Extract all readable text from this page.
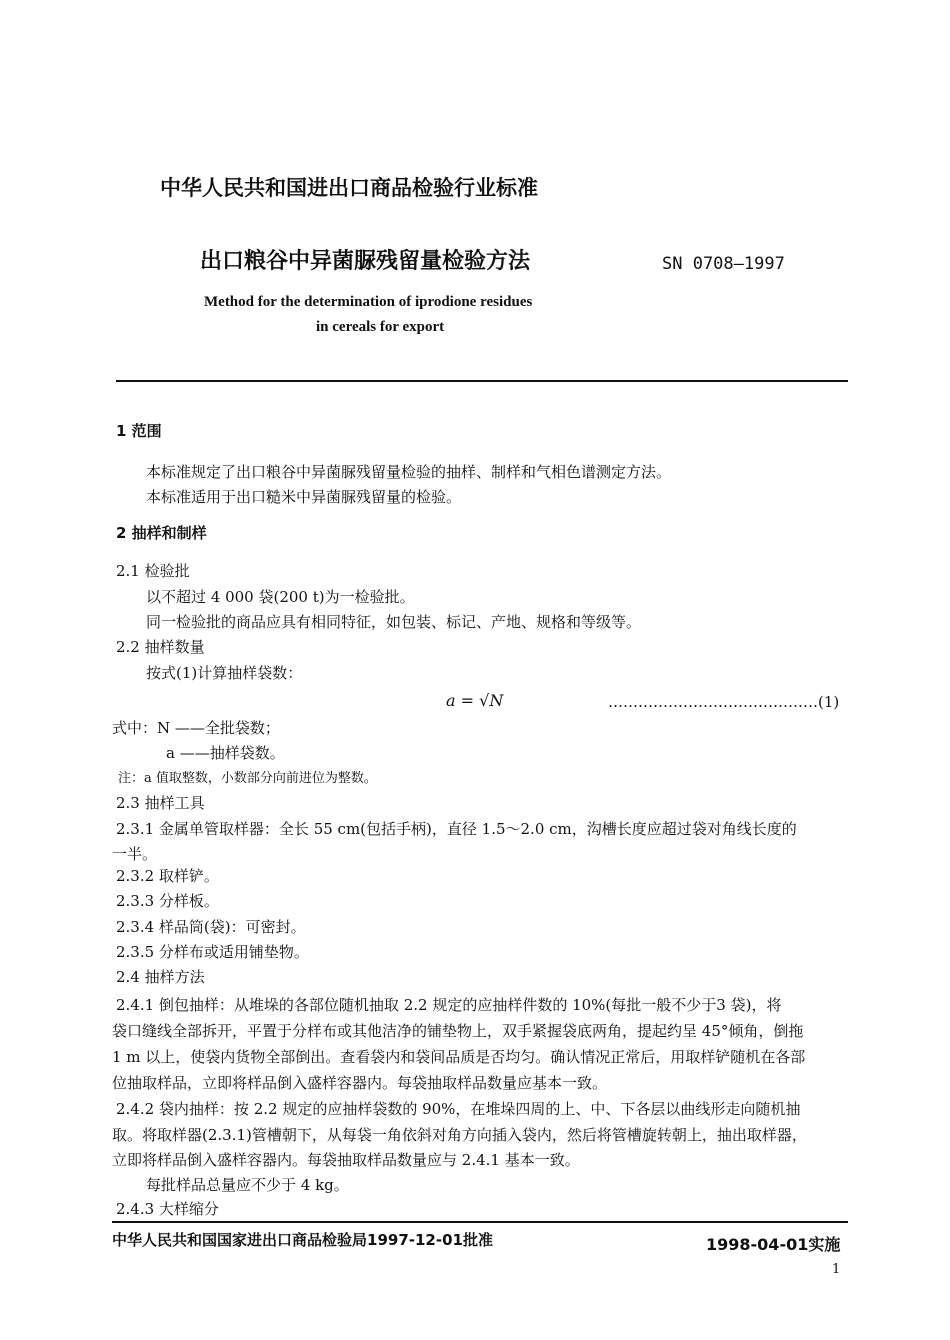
中华人民共和国进出口商品检验行业标准
出口粮谷中异菌脲残留量检验方法	SN 0708—1997
Method for the determination of iprodione residues
in cereals for export
1 范围
本标准规定了出口粮谷中异菌脲残留量检验的抽样、制样和气相色谱测定方法。
本标准适用于出口糙米中异菌脲残留量的检验。
2 抽样和制样
2.1 检验批
以不超过 4 000 袋(200 t)为一检验批。
同一检验批的商品应具有相同特征，如包装、标记、产地、规格和等级等。
2.2 抽样数量
按式(1)计算抽样袋数：
a = √N	……………………………………(1)
式中：N ——全批袋数；
a ——抽样袋数。
注：a 值取整数，小数部分向前进位为整数。
2.3 抽样工具
2.3.1 金属单管取样器：全长 55 cm(包括手柄)，直径 1.5～2.0 cm，沟槽长度应超过袋对角线长度的
一半。
2.3.2 取样铲。
2.3.3 分样板。
2.3.4 样品筒(袋)：可密封。
2.3.5 分样布或适用铺垫物。
2.4 抽样方法
2.4.1 倒包抽样：从堆垛的各部位随机抽取 2.2 规定的应抽样件数的 10%(每批一般不少于3 袋)，将
袋口缝线全部拆开，平置于分样布或其他洁净的铺垫物上，双手紧握袋底两角，提起约呈 45°倾角，倒拖
1 m 以上，使袋内货物全部倒出。查看袋内和袋间品质是否均匀。确认情况正常后，用取样铲随机在各部
位抽取样品，立即将样品倒入盛样容器内。每袋抽取样品数量应基本一致。
2.4.2 袋内抽样：按 2.2 规定的应抽样袋数的 90%，在堆垛四周的上、中、下各层以曲线形走向随机抽
取。将取样器(2.3.1)管槽朝下，从每袋一角依斜对角方向插入袋内，然后将管槽旋转朝上，抽出取样器，
立即将样品倒入盛样容器内。每袋抽取样品数量应与 2.4.1 基本一致。
每批样品总量应不少于 4 kg。
2.4.3 大样缩分
中华人民共和国国家进出口商品检验局1997-12-01批准	1998-04-01实施
1
